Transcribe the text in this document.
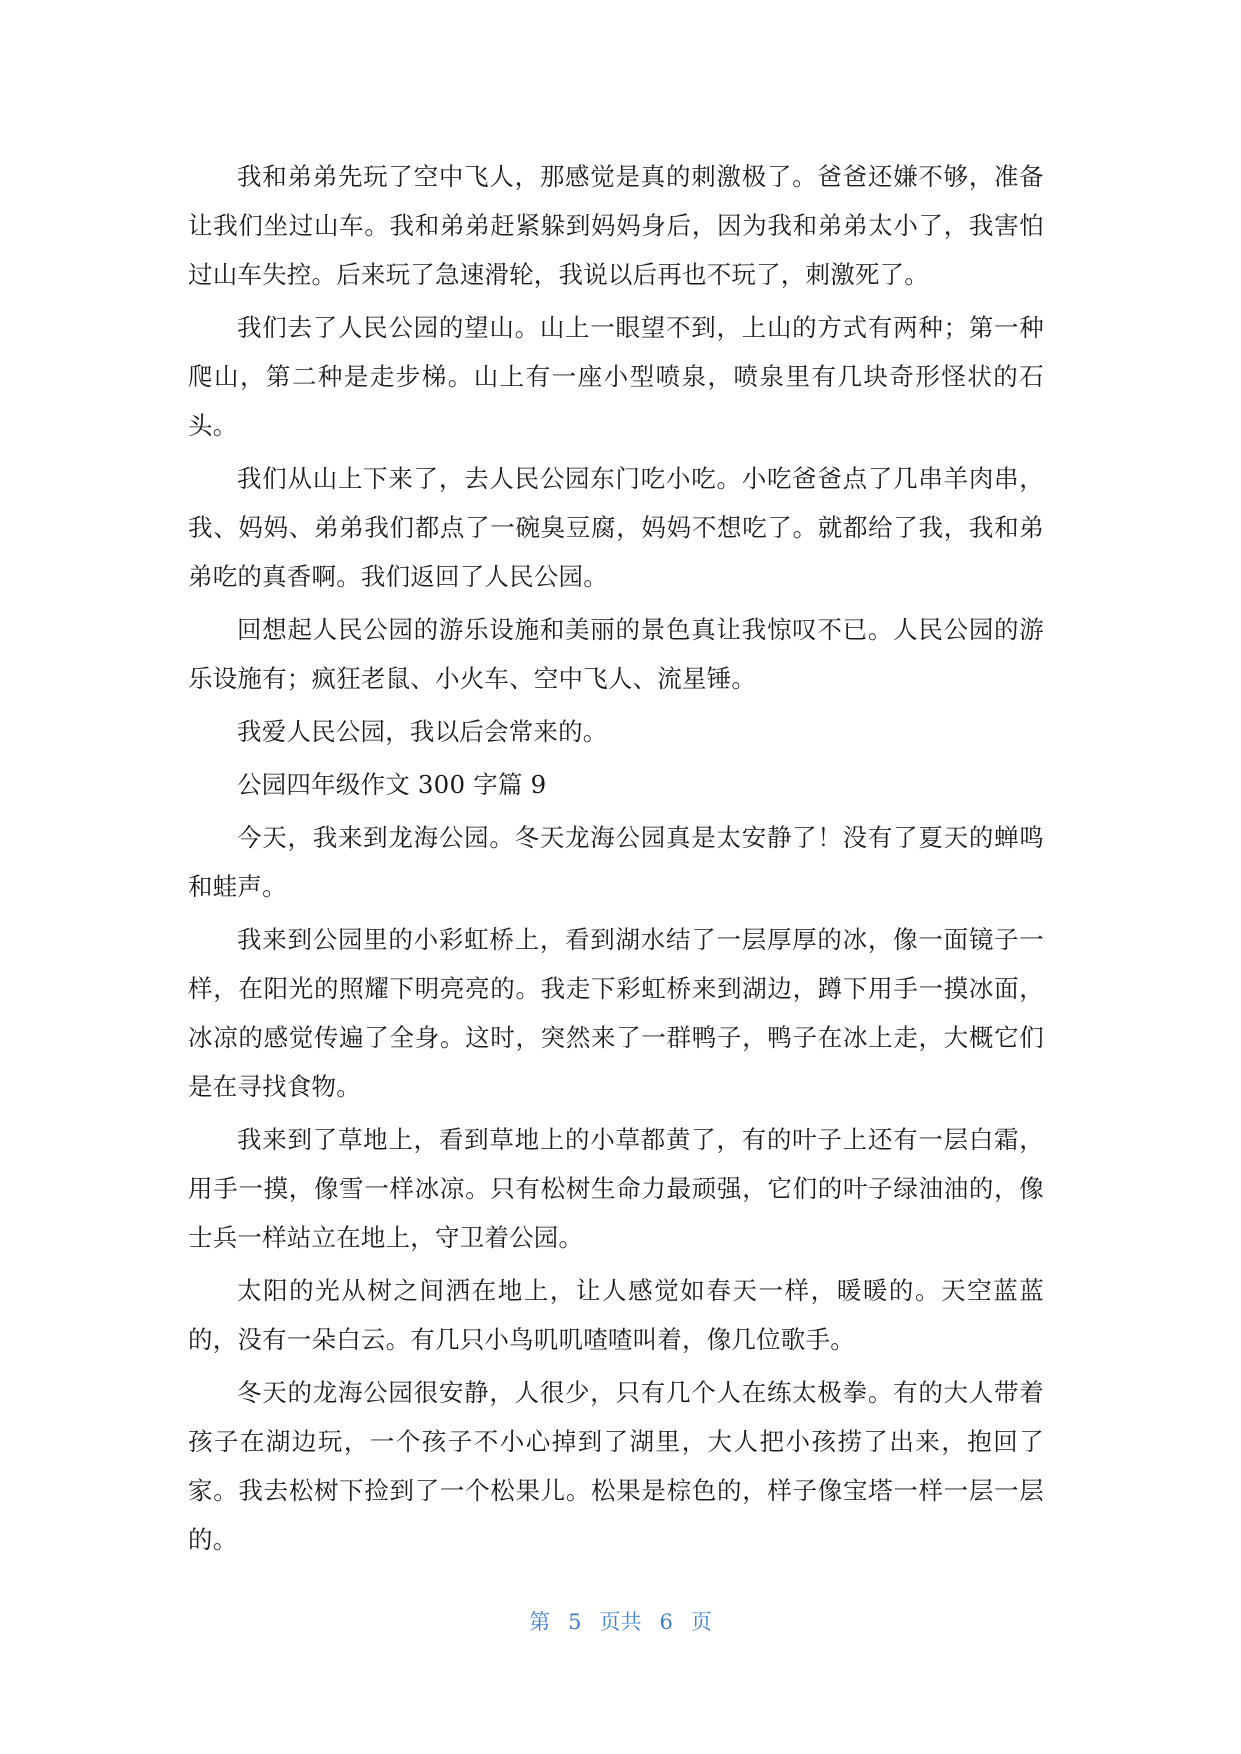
我和弟弟先玩了空中飞人，那感觉是真的刺激极了。爸爸还嫌不够，准备让我们坐过山车。我和弟弟赶紧躲到妈妈身后，因为我和弟弟太小了，我害怕过山车失控。后来玩了急速滑轮，我说以后再也不玩了，刺激死了。

我们去了人民公园的望山。山上一眼望不到，上山的方式有两种；第一种爬山，第二种是走步梯。山上有一座小型喷泉，喷泉里有几块奇形怪状的石头。

我们从山上下来了，去人民公园东门吃小吃。小吃爸爸点了几串羊肉串，我、妈妈、弟弟我们都点了一碗臭豆腐，妈妈不想吃了。就都给了我，我和弟弟吃的真香啊。我们返回了人民公园。

回想起人民公园的游乐设施和美丽的景色真让我惊叹不已。人民公园的游乐设施有；疯狂老鼠、小火车、空中飞人、流星锤。

我爱人民公园，我以后会常来的。

公园四年级作文 300 字篇 9

今天，我来到龙海公园。冬天龙海公园真是太安静了！没有了夏天的蝉鸣和蛙声。

我来到公园里的小彩虹桥上，看到湖水结了一层厚厚的冰，像一面镜子一样，在阳光的照耀下明亮亮的。我走下彩虹桥来到湖边，蹲下用手一摸冰面，冰凉的感觉传遍了全身。这时，突然来了一群鸭子，鸭子在冰上走，大概它们是在寻找食物。

我来到了草地上，看到草地上的小草都黄了，有的叶子上还有一层白霜，用手一摸，像雪一样冰凉。只有松树生命力最顽强，它们的叶子绿油油的，像士兵一样站立在地上，守卫着公园。

太阳的光从树之间洒在地上，让人感觉如春天一样，暖暖的。天空蓝蓝的，没有一朵白云。有几只小鸟叽叽喳喳叫着，像几位歌手。

冬天的龙海公园很安静，人很少，只有几个人在练太极拳。有的大人带着孩子在湖边玩，一个孩子不小心掉到了湖里，大人把小孩捞了出来，抱回了家。我去松树下捡到了一个松果儿。松果是棕色的，样子像宝塔一样一层一层的。

第 5 页共 6 页
